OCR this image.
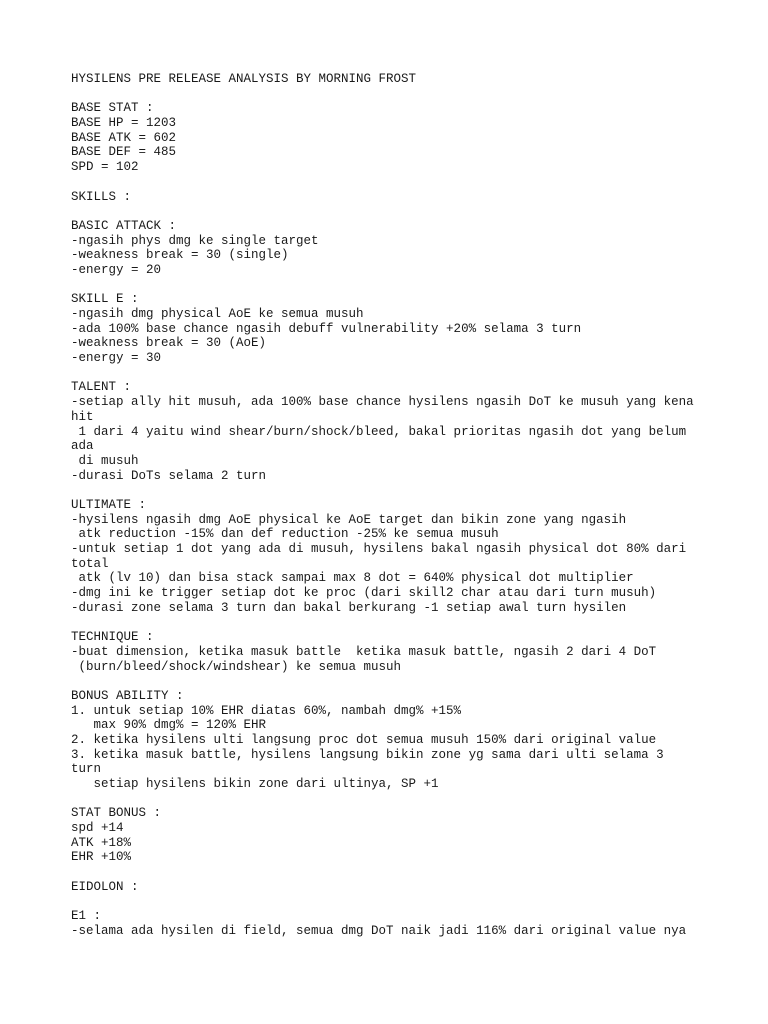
HYSILENS PRE RELEASE ANALYSIS BY MORNING FROST
BASE STAT :
BASE HP = 1203
BASE ATK = 602
BASE DEF = 485
SPD = 102
SKILLS :
BASIC ATTACK :
-ngasih phys dmg ke single target
-weakness break = 30 (single)
-energy = 20
SKILL E :
-ngasih dmg physical AoE ke semua musuh
-ada 100% base chance ngasih debuff vulnerability +20% selama 3 turn
-weakness break = 30 (AoE)
-energy = 30
TALENT :
-setiap ally hit musuh, ada 100% base chance hysilens ngasih DoT ke musuh yang kena
hit
1 dari 4 yaitu wind shear/burn/shock/bleed, bakal prioritas ngasih dot yang belum
ada
di musuh
-durasi DoTs selama 2 turn
ULTIMATE :
-hysilens ngasih dmg AoE physical ke AoE target dan bikin zone yang ngasih
atk reduction -15% dan def reduction -25% ke semua musuh
-untuk setiap 1 dot yang ada di musuh, hysilens bakal ngasih physical dot 80% dari
total
atk (lv 10) dan bisa stack sampai max 8 dot = 640% physical dot multiplier
-dmg ini ke trigger setiap dot ke proc (dari skill2 char atau dari turn musuh)
-durasi zone selama 3 turn dan bakal berkurang -1 setiap awal turn hysilen
TECHNIQUE :
-buat dimension, ketika masuk battle  ketika masuk battle, ngasih 2 dari 4 DoT
(burn/bleed/shock/windshear) ke semua musuh
BONUS ABILITY :
1. untuk setiap 10% EHR diatas 60%, nambah dmg% +15%
max 90% dmg% = 120% EHR
2. ketika hysilens ulti langsung proc dot semua musuh 150% dari original value
3. ketika masuk battle, hysilens langsung bikin zone yg sama dari ulti selama 3
turn
setiap hysilens bikin zone dari ultinya, SP +1
STAT BONUS :
spd +14
ATK +18%
EHR +10%
EIDOLON :
E1 :
-selama ada hysilen di field, semua dmg DoT naik jadi 116% dari original value nya
